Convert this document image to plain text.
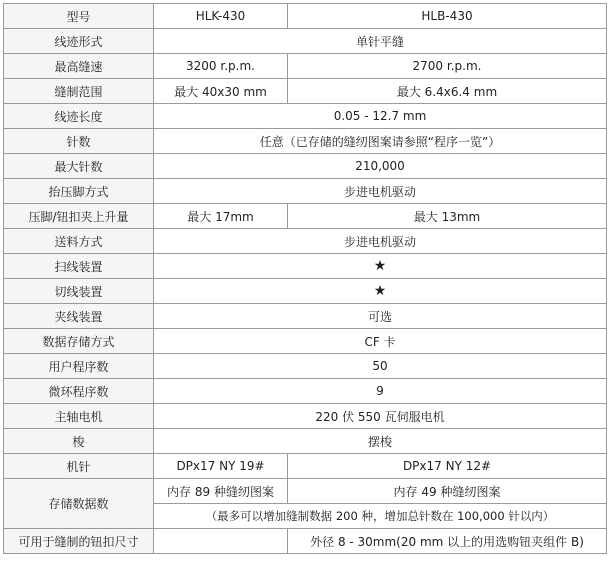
型号	HLK-430	HLB-430
线迹形式	单针平缝	
最高缝速	3200 r.p.m.	2700 r.p.m.
缝制范围	最大 40x30 mm	最大 6.4x6.4 mm
线迹长度	0.05 - 12.7 mm	
针数	任意（已存储的缝纫图案请参照“程序一览”）	
最大针数	210,000	
抬压脚方式	步进电机驱动	
压脚/钮扣夹上升量	最大 17mm	最大 13mm
送料方式	步进电机驱动	
扫线装置	★	
切线装置	★	
夹线装置	可选	
数据存储方式	CF 卡	
用户程序数	50	
微环程序数	9	
主轴电机	220 伏 550 瓦伺服电机	
梭	摆梭	
机针	DPx17 NY 19#	DPx17 NY 12#
存储数据数	内存 89 种缝纫图案	内存 49 种缝纫图案
	（最多可以增加缝制数据 200 种，增加总针数在 100,000 针以内）	
可用于缝制的钮扣尺寸		外径 8 - 30mm(20 mm 以上的用选购钮夹组件 B)
